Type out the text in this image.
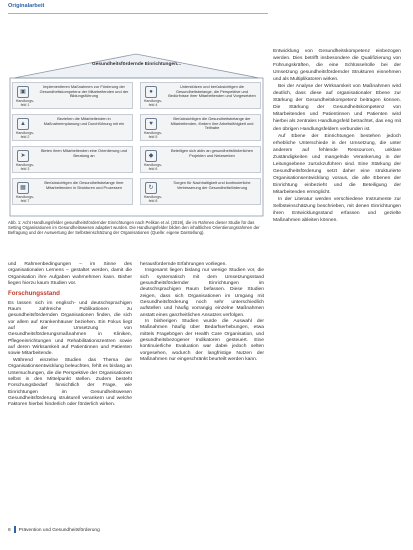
Originalarbeit
Gesundheitsfördernde Einrichtungen...
▣
Handlungs-
feld 1
Implementieren Maßnahmen zur Förderung der Gesundheitskompetenz der Mitarbeitenden und der Bildungsführung
●
Handlungs-
feld 4
Unterstützen und berücksichtigen die Gesundheitsbelange, die Perspektive und Bedürfnisse ihrer Mitarbeitenden und Vorgesetzten
▲
Handlungs-
feld 2
Beziehen die Mitarbeitenden in Maßnahmenplanung und Durchführung mit ein	♥
Handlungs-
feld 5
Berücksichtigen die Gesundheitsbelange der Mitarbeitenden, fördern ihre Arbeitsfähigkeit und Teilhabe
➤
Handlungs-
feld 3
Bieten ihren Mitarbeitenden eine Orientierung und Beratung an	◆
Handlungs-
feld 6
Beteiligen sich aktiv an gesundheitsförderlichen Projekten und Netzwerken
▦
Handlungs-
feld 7
Berücksichtigen die Gesundheitsbelange ihrer Mitarbeitenden in Strukturen und Prozessen	↻
Handlungs-
feld 8
Sorgen für Nachhaltigkeit und kontinuierliche Verbesserung der Gesundheitsförderung
Abb. 1: Acht Handlungsfelder gesundheitsfördernder Einrichtungen nach Pelikan et al. (2019), die im Rahmen dieser Studie für das Setting Organisationen im Gesundheitswesen adaptiert wurden. Die Handlungsfelder bilden den inhaltlichen Orientierungsrahmen der Befragung und der Auswertung der Selbsteinschätzung der Organisationen (Quelle: eigene Darstellung).

und Rahmenbedingungen – im Sinne des organisationalen Lernens – gestaltet werden, damit die Organisation ihre Aufgaben wahrnehmen kann. Bisher liegen hierzu kaum Studien vor.

Forschungsstand

Es lassen sich im englisch- und deutschsprachigen Raum zahlreiche Publikationen zu gesundheitsfördernden Organisationen finden, die sich vor allem auf Krankenhäuser beziehen. Ein Fokus liegt auf der Umsetzung von Gesundheitsförderungsmaßnahmen in Kliniken, Pflegeeinrichtungen und Rehabilitationszentren sowie auf deren Wirksamkeit auf Patientinnen und Patienten sowie Mitarbeitende.

Während einzelne Studien das Thema der Organisationsentwicklung beleuchten, fehlt es bislang an Untersuchungen, die die Perspektive der Organisationen selbst in den Mittelpunkt stellen. Zudem besteht Forschungsbedarf hinsichtlich der Frage, wie Einrichtungen im Gesundheitswesen Gesundheitsförderung strukturell verankern und welche Faktoren hierbei hinderlich oder förderlich wirken.

herausfordernde Erfahrungen vorliegen.

Insgesamt liegen bislang nur wenige Studien vor, die sich systematisch mit dem Umsetzungsstand gesundheitsfördernder Einrichtungen im deutschsprachigen Raum befassen. Diese Studien zeigen, dass sich Organisationen im Umgang mit Gesundheitsförderung noch sehr unterschiedlich aufstellen und häufig vorrangig einzelne Maßnahmen anstatt eines ganzheitlichen Ansatzes verfolgen.

In bisherigen Studien wurde die Auswahl der Maßnahmen häufig über Bedarfserhebungen, etwa mittels Fragebögen der Health Care Organisation, und gesundheitsbezogener Indikatoren gesteuert. Eine kontinuierliche Evaluation war dabei jedoch selten vorgesehen, wodurch der langfristige Nutzen der Maßnahmen nur eingeschränkt beurteilt werden kann.

Entwicklung von Gesundheitskompetenz einbezogen werden. Dies betrifft insbesondere die Qualifizierung von Führungskräften, die eine Schlüsselrolle bei der Umsetzung gesundheitsfördernder Strukturen einnehmen und als Multiplikatoren wirken.

Bei der Analyse der Wirksamkeit von Maßnahmen wird deutlich, dass diese auf organisationaler Ebene zur Stärkung der Gesundheitskompetenz beitragen können. Die Stärkung der Gesundheitskompetenz von Mitarbeitenden und Patientinnen und Patienten wird hierbei als zentrales Handlungsfeld betrachtet, das eng mit den übrigen Handlungsfeldern verbunden ist.

Auf Ebene der Einrichtungen bestehen jedoch erhebliche Unterschiede in der Umsetzung, die unter anderem auf fehlende Ressourcen, unklare Zuständigkeiten und mangelnde Verankerung in der Leitungsebene zurückzuführen sind. Eine Stärkung der Gesundheitsförderung setzt daher eine strukturierte Organisationsentwicklung voraus, die alle Ebenen der Einrichtung einbezieht und die Beteiligung der Mitarbeitenden ermöglicht.

In der Literatur werden verschiedene Instrumente zur Selbsteinschätzung beschrieben, mit denen Einrichtungen ihren Entwicklungsstand erfassen und gezielte Maßnahmen ableiten können.

8 Prävention und Gesundheitsförderung
